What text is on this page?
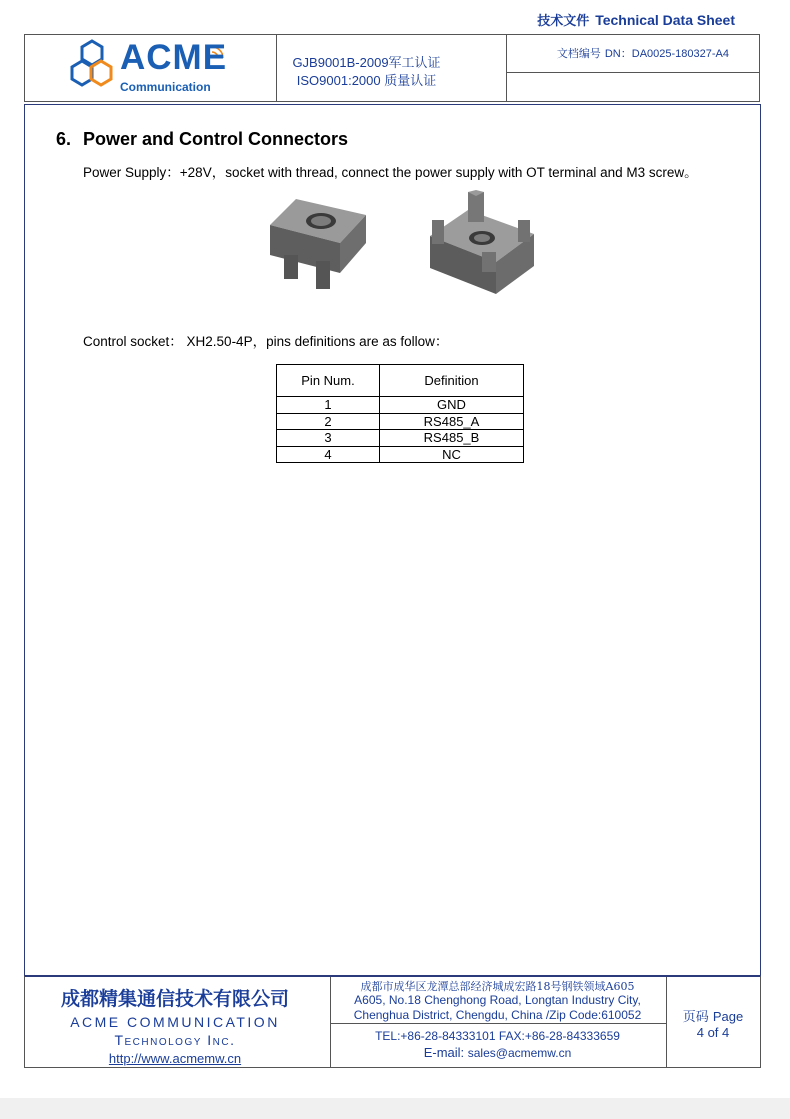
ACME
Communication
GJB9001B-2009军工认证
ISO9001:2000 质量认证
技术文件 Technical Data Sheet
文档编号 DN：DA0025-180327-A4
6. Power and Control Connectors
Power Supply：+28V，socket with thread, connect the power supply with OT terminal and M3 screw。
Control socket： XH2.50-4P，pins definitions are as follow：
Pin Num.	Definition
1	GND
2	RS485_A
3	RS485_B
4	NC
成都精集通信技术有限公司
ACME COMMUNICATION
Technology Inc.
http://www.acmemw.cn
成都市成华区龙潭总部经济城成宏路18号钢铁领域A605
A605, No.18 Chenghong Road, Longtan Industry City,
Chenghua District, Chengdu, China /Zip Code:610052
TEL:+86-28-84333101 FAX:+86-28-84333659
E-mail: sales@acmemw.cn
页码 Page
4 of 4
